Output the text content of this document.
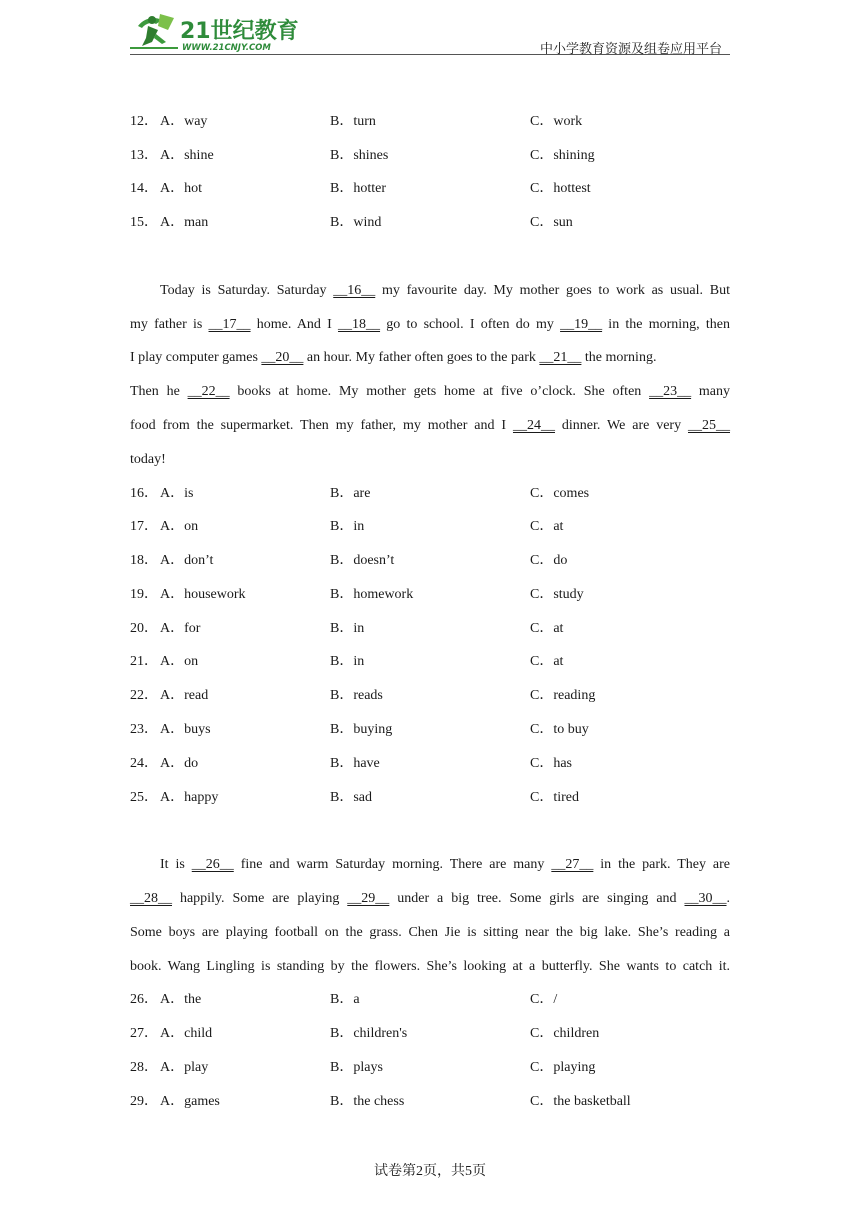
21世纪教育
WWW.21CNJY.COM	中小学教育资源及组卷应用平台
12． A．way	B．turn	C．work
13． A．shine	B．shines	C．shining
14． A．hot	B．hotter	C．hottest
15． A．man	B．wind	C．sun
Today is Saturday. Saturday __16__ my favourite day. My mother goes to work as usual. But
my father is __17__ home. And I __18__ go to school. I often do my __19__ in the morning, then
I play computer games __20__ an hour. My father often goes to the park __21__ the morning.
Then he __22__ books at home. My mother gets home at five o’clock. She often __23__ many
food from the supermarket. Then my father, my mother and I __24__ dinner. We are very __25__
today!
16． A．is	B．are	C．comes
17． A．on	B．in	C．at
18． A．don’t	B．doesn’t	C．do
19． A．housework	B．homework	C．study
20． A．for	B．in	C．at
21． A．on	B．in	C．at
22． A．read	B．reads	C．reading
23． A．buys	B．buying	C．to buy
24． A．do	B．have	C．has
25． A．happy	B．sad	C．tired
It is __26__ fine and warm Saturday morning. There are many __27__ in the park. They are
__28__ happily. Some are playing __29__ under a big tree. Some girls are singing and __30__.
Some boys are playing football on the grass. Chen Jie is sitting near the big lake. She’s reading a
book. Wang Lingling is standing by the flowers. She’s looking at a butterfly. She wants to catch it.
26． A．the	B．a	C．/
27． A．child	B．children's	C．children
28． A．play	B．plays	C．playing
29． A．games	B．the chess	C．the basketball
试卷第2页，共5页
